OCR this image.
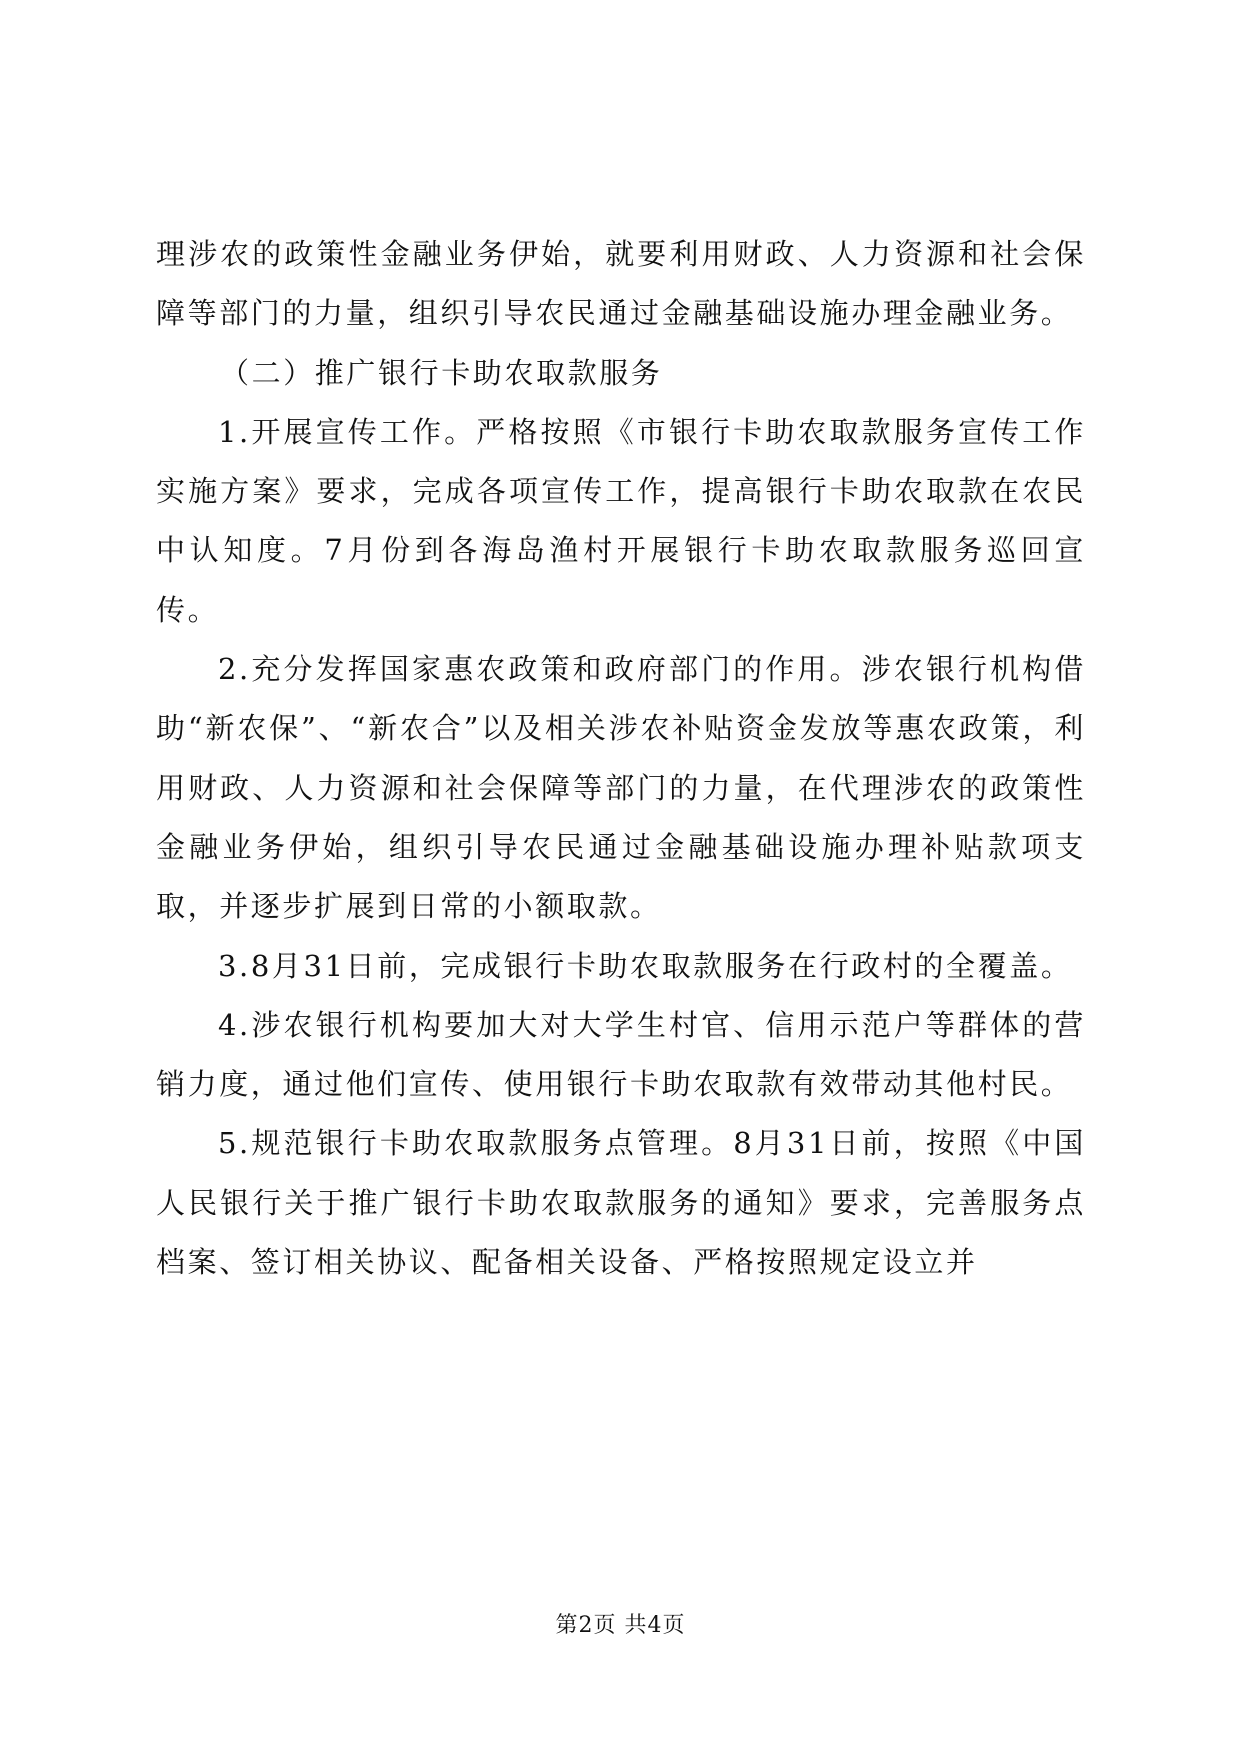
理涉农的政策性金融业务伊始，就要利用财政、人力资源和社会保障等部门的力量，组织引导农民通过金融基础设施办理金融业务。

（二）推广银行卡助农取款服务

1.开展宣传工作。严格按照《市银行卡助农取款服务宣传工作实施方案》要求，完成各项宣传工作，提高银行卡助农取款在农民中认知度。7月份到各海岛渔村开展银行卡助农取款服务巡回宣传。

2.充分发挥国家惠农政策和政府部门的作用。涉农银行机构借助“新农保”、“新农合”以及相关涉农补贴资金发放等惠农政策，利用财政、人力资源和社会保障等部门的力量，在代理涉农的政策性金融业务伊始，组织引导农民通过金融基础设施办理补贴款项支取，并逐步扩展到日常的小额取款。

3.8月31日前，完成银行卡助农取款服务在行政村的全覆盖。

4.涉农银行机构要加大对大学生村官、信用示范户等群体的营销力度，通过他们宣传、使用银行卡助农取款有效带动其他村民。

5.规范银行卡助农取款服务点管理。8月31日前，按照《中国人民银行关于推广银行卡助农取款服务的通知》要求，完善服务点档案、签订相关协议、配备相关设备、严格按照规定设立并

第2页 共4页
